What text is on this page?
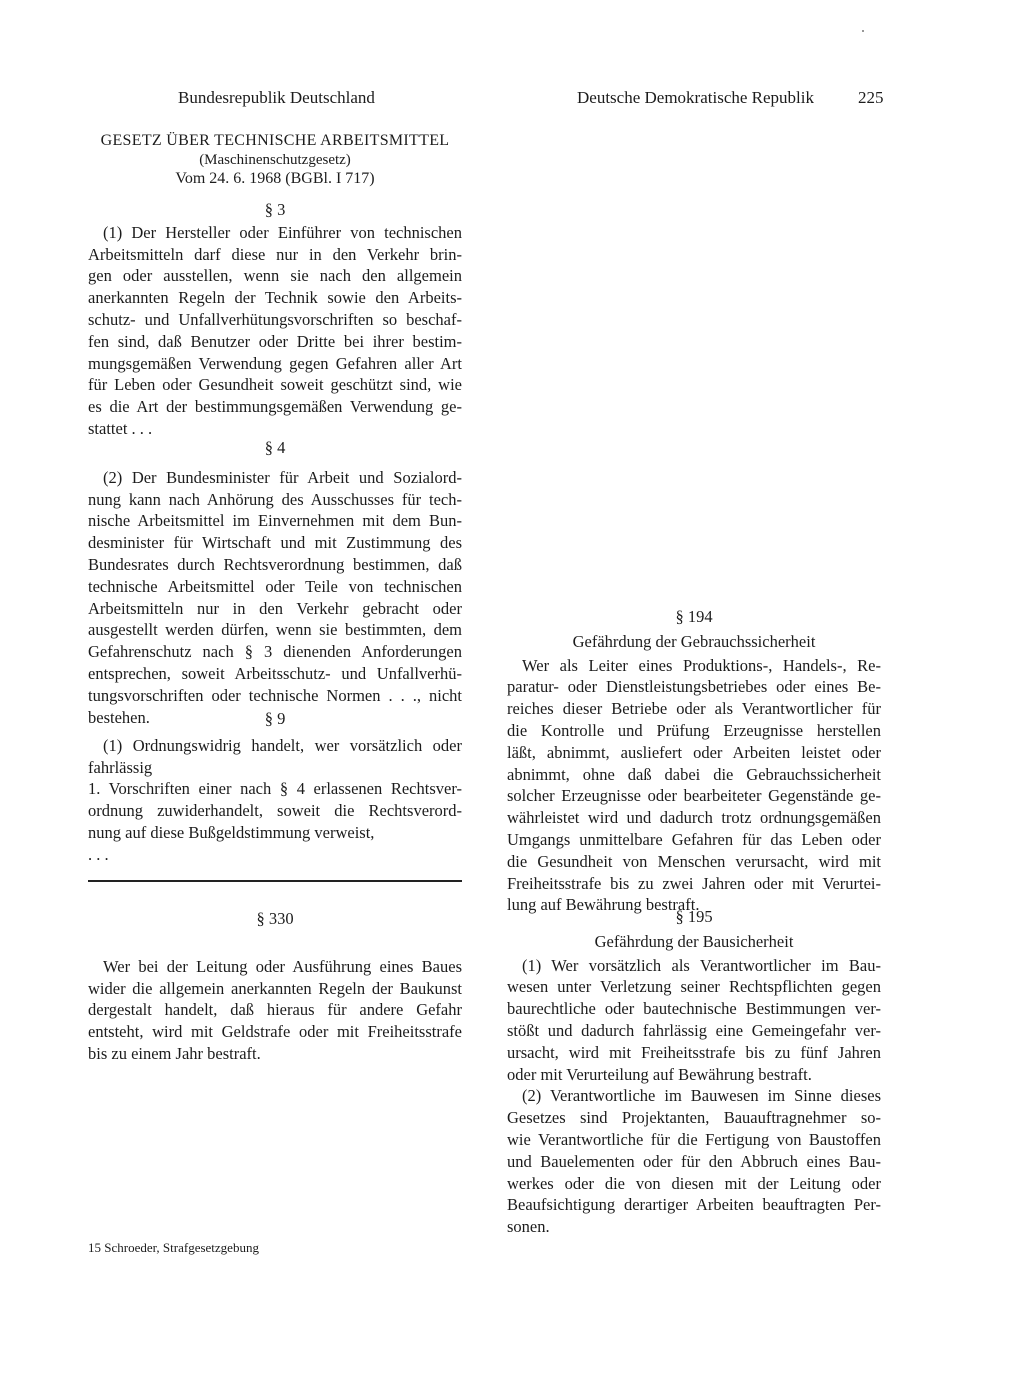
Bundesrepublik Deutschland	Deutsche Demokratische Republik	225
GESETZ ÜBER TECHNISCHE ARBEITSMITTEL
(Maschinenschutzgesetz)
Vom 24. 6. 1968 (BGBl. I 717)
§ 3
(1) Der Hersteller oder Einführer von technischen
Arbeitsmitteln darf diese nur in den Verkehr brin-
gen oder ausstellen, wenn sie nach den allgemein
anerkannten Regeln der Technik sowie den Arbeits-
schutz- und Unfallverhütungsvorschriften so beschaf-
fen sind, daß Benutzer oder Dritte bei ihrer bestim-
mungsgemäßen Verwendung gegen Gefahren aller Art
für Leben oder Gesundheit soweit geschützt sind, wie
es die Art der bestimmungsgemäßen Verwendung ge-
stattet . . .
§ 4
(2) Der Bundesminister für Arbeit und Sozialord-
nung kann nach Anhörung des Ausschusses für tech-
nische Arbeitsmittel im Einvernehmen mit dem Bun-
desminister für Wirtschaft und mit Zustimmung des
Bundesrates durch Rechtsverordnung bestimmen, daß
technische Arbeitsmittel oder Teile von technischen
Arbeitsmitteln nur in den Verkehr gebracht oder
ausgestellt werden dürfen, wenn sie bestimmten, dem
Gefahrenschutz nach § 3 dienenden Anforderungen
entsprechen, soweit Arbeitsschutz- und Unfallverhü-
tungsvorschriften oder technische Normen . . ., nicht
bestehen.	§ 9
(1) Ordnungswidrig handelt, wer vorsätzlich oder
fahrlässig
1. Vorschriften einer nach § 4 erlassenen Rechtsver-
ordnung zuwiderhandelt, soweit die Rechtsverord-
nung auf diese Bußgeldstimmung verweist,
. . .
§ 330
Wer bei der Leitung oder Ausführung eines Baues
wider die allgemein anerkannten Regeln der Baukunst
dergestalt handelt, daß hieraus für andere Gefahr
entsteht, wird mit Geldstrafe oder mit Freiheitsstrafe
bis zu einem Jahr bestraft.
§ 194
Gefährdung der Gebrauchssicherheit
Wer als Leiter eines Produktions-, Handels-, Re-
paratur- oder Dienstleistungsbetriebes oder eines Be-
reiches dieser Betriebe oder als Verantwortlicher für
die Kontrolle und Prüfung Erzeugnisse herstellen
läßt, abnimmt, ausliefert oder Arbeiten leistet oder
abnimmt, ohne daß dabei die Gebrauchssicherheit
solcher Erzeugnisse oder bearbeiteter Gegenstände ge-
währleistet wird und dadurch trotz ordnungsgemäßen
Umgangs unmittelbare Gefahren für das Leben oder
die Gesundheit von Menschen verursacht, wird mit
Freiheitsstrafe bis zu zwei Jahren oder mit Verurtei-
lung auf Bewährung bestraft.
§ 195
Gefährdung der Bausicherheit
(1) Wer vorsätzlich als Verantwortlicher im Bau-
wesen unter Verletzung seiner Rechtspflichten gegen
baurechtliche oder bautechnische Bestimmungen ver-
stößt und dadurch fahrlässig eine Gemeingefahr ver-
ursacht, wird mit Freiheitsstrafe bis zu fünf Jahren
oder mit Verurteilung auf Bewährung bestraft.
(2) Verantwortliche im Bauwesen im Sinne dieses
Gesetzes sind Projektanten, Bauauftragnehmer so-
wie Verantwortliche für die Fertigung von Baustoffen
und Bauelementen oder für den Abbruch eines Bau-
werkes oder die von diesen mit der Leitung oder
Beaufsichtigung derartiger Arbeiten beauftragten Per-
sonen.
15 Schroeder, Strafgesetzgebung
